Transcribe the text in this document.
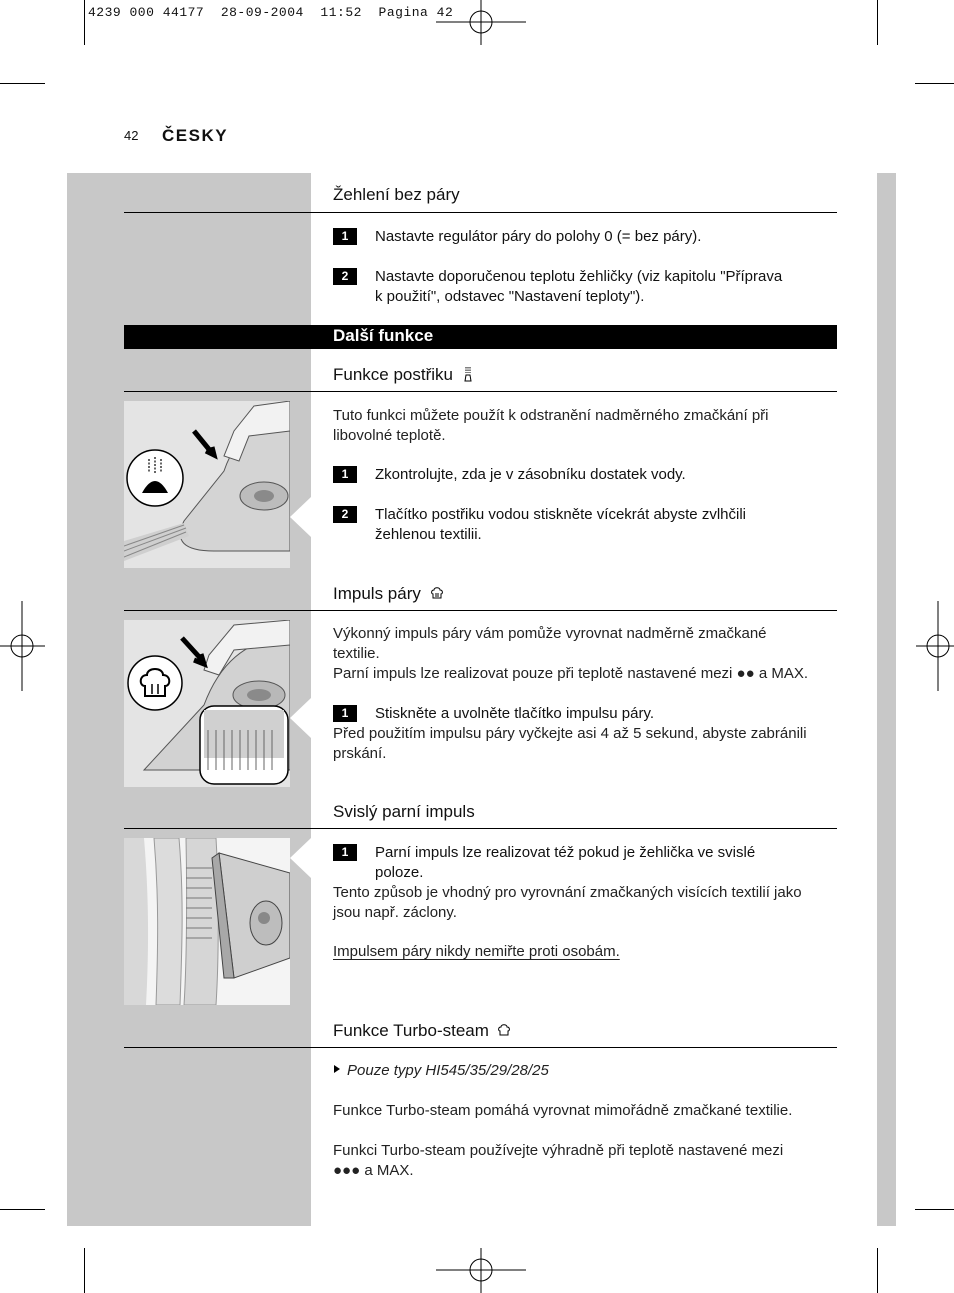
4239 000 44177  28-09-2004  11:52  Pagina 42
42 ČESKY
Žehlení bez páry
1	Nastavte regulátor páry do polohy 0 (= bez páry).
2	Nastavte doporučenou teplotu žehličky (viz kapitolu "Příprava
k použití", odstavec "Nastavení teploty").
Další funkce
Funkce postřiku
Tuto funkci můžete použít k odstranění nadměrného zmačkání při libovolné teplotě.
1	Zkontrolujte, zda je v zásobníku dostatek vody.
2	Tlačítko postřiku vodou stiskněte vícekrát abyste zvlhčili žehlenou textilii.
Impuls páry
Výkonný impuls páry vám pomůže vyrovnat nadměrně zmačkané textilie.
Parní impuls lze realizovat pouze při teplotě nastavené mezi ●● a MAX.
1	Stiskněte a uvolněte tlačítko impulsu páry.
Před použitím impulsu páry vyčkejte asi 4 až 5 sekund, abyste zabránili prskání.
Svislý parní impuls
1	Parní impuls lze realizovat též pokud je žehlička ve svislé poloze.
Tento způsob je vhodný pro vyrovnání zmačkaných visících textilií jako jsou např. záclony.
Impulsem páry nikdy nemiřte proti osobám.
Funkce Turbo-steam
Pouze typy HI545/35/29/28/25
Funkce Turbo-steam pomáhá vyrovnat mimořádně zmačkané textilie.
Funkci Turbo-steam používejte výhradně při teplotě nastavené mezi ●●● a MAX.
